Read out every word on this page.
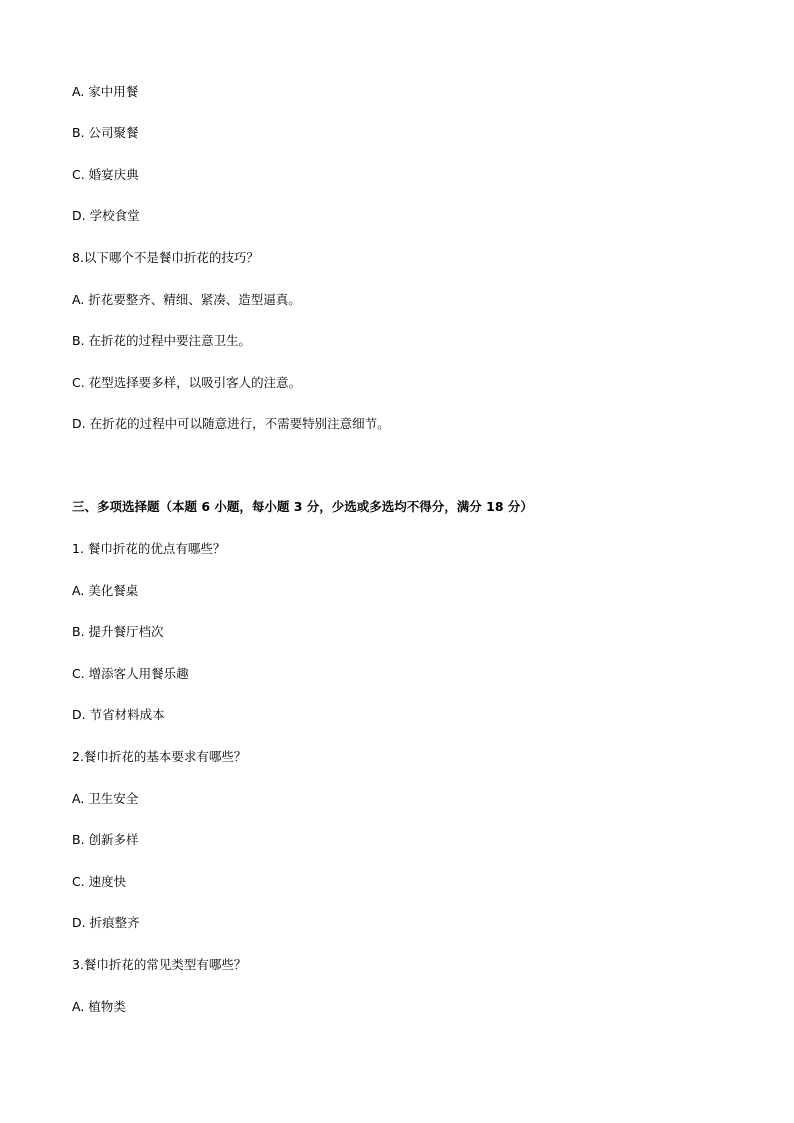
A. 家中用餐
B. 公司聚餐
C. 婚宴庆典
D. 学校食堂
8.以下哪个不是餐巾折花的技巧？
A. 折花要整齐、精细、紧凑、造型逼真。
B. 在折花的过程中要注意卫生。
C. 花型选择要多样，以吸引客人的注意。
D. 在折花的过程中可以随意进行，不需要特别注意细节。
三、多项选择题（本题 6 小题，每小题 3 分，少选或多选均不得分，满分 18 分）
1. 餐巾折花的优点有哪些？
A. 美化餐桌
B. 提升餐厅档次
C. 增添客人用餐乐趣
D. 节省材料成本
2.餐巾折花的基本要求有哪些？
A. 卫生安全
B. 创新多样
C. 速度快
D. 折痕整齐
3.餐巾折花的常见类型有哪些？
A. 植物类
